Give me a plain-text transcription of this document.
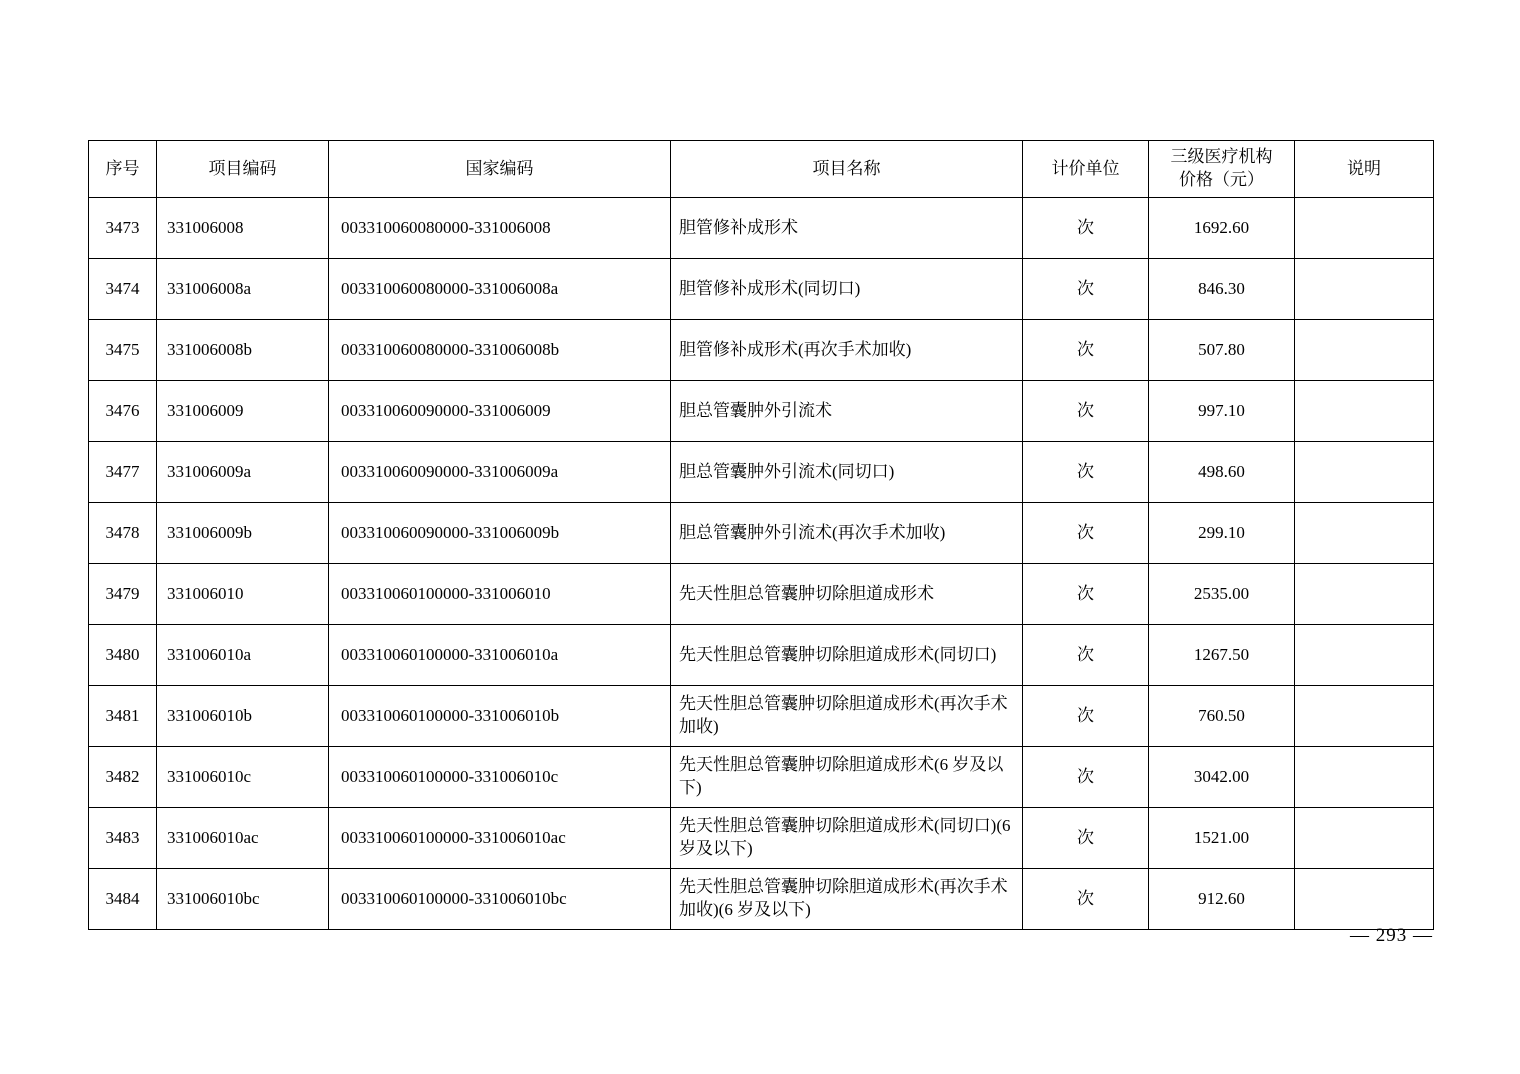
序号	项目编码	国家编码	项目名称	计价单位	三级医疗机构
价格（元）	说明
3473	331006008	003310060080000-331006008	胆管修补成形术	次	1692.60	
3474	331006008a	003310060080000-331006008a	胆管修补成形术(同切口)	次	846.30	
3475	331006008b	003310060080000-331006008b	胆管修补成形术(再次手术加收)	次	507.80	
3476	331006009	003310060090000-331006009	胆总管囊肿外引流术	次	997.10	
3477	331006009a	003310060090000-331006009a	胆总管囊肿外引流术(同切口)	次	498.60	
3478	331006009b	003310060090000-331006009b	胆总管囊肿外引流术(再次手术加收)	次	299.10	
3479	331006010	003310060100000-331006010	先天性胆总管囊肿切除胆道成形术	次	2535.00	
3480	331006010a	003310060100000-331006010a	先天性胆总管囊肿切除胆道成形术(同切口)	次	1267.50	
3481	331006010b	003310060100000-331006010b	先天性胆总管囊肿切除胆道成形术(再次手术加收)	次	760.50	
3482	331006010c	003310060100000-331006010c	先天性胆总管囊肿切除胆道成形术(6 岁及以下)	次	3042.00	
3483	331006010ac	003310060100000-331006010ac	先天性胆总管囊肿切除胆道成形术(同切口)(6 岁及以下)	次	1521.00	
3484	331006010bc	003310060100000-331006010bc	先天性胆总管囊肿切除胆道成形术(再次手术加收)(6 岁及以下)	次	912.60	
— 293 —
